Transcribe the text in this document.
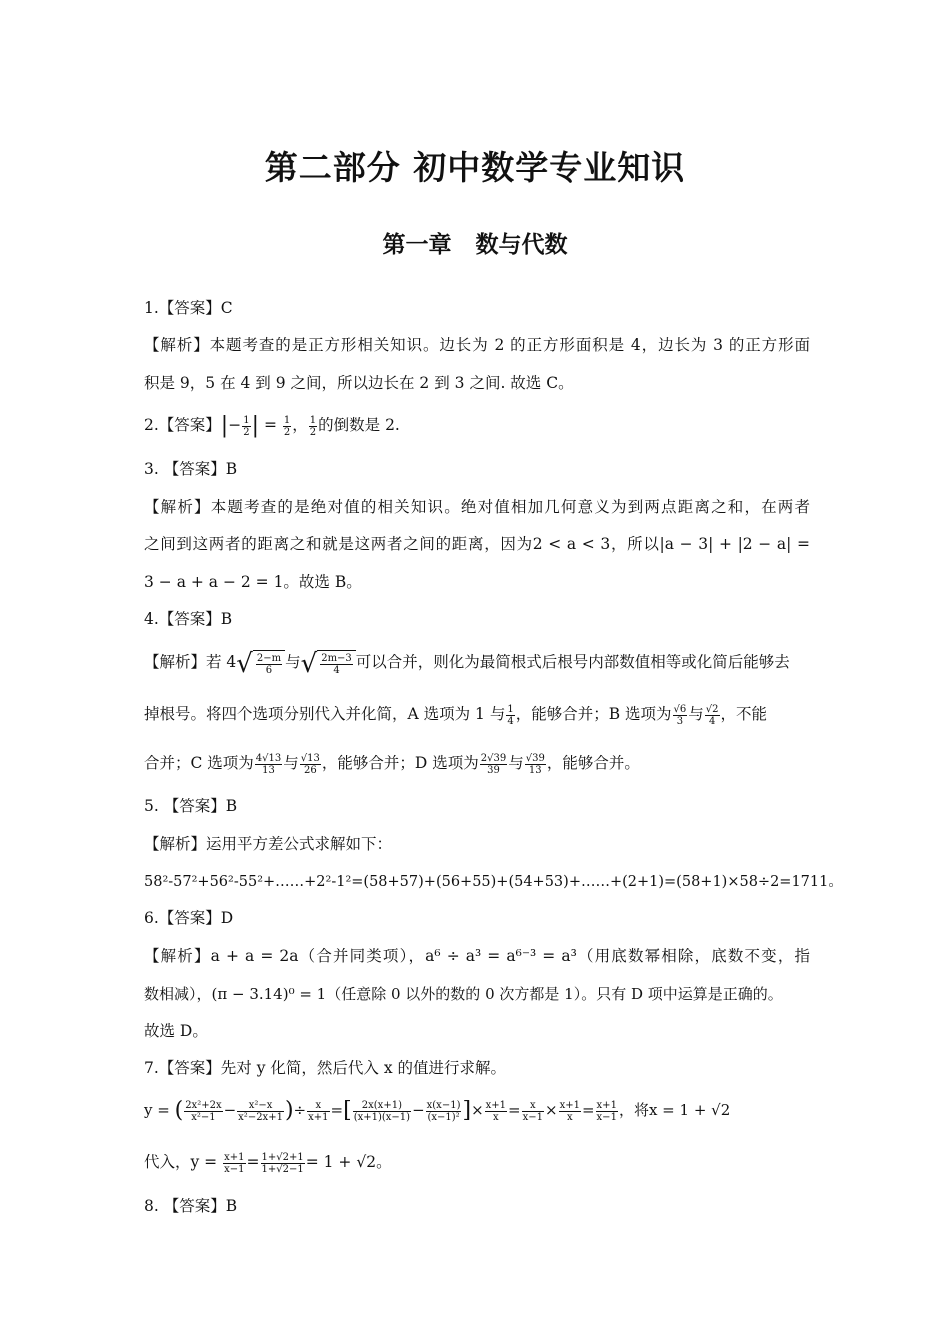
第二部分 初中数学专业知识
第一章 数与代数
1.【答案】C
【解析】本题考查的是正方形相关知识。边长为 2 的正方形面积是 4，边长为 3 的正方形面
积是 9，5 在 4 到 9 之间，所以边长在 2 到 3 之间. 故选 C。
2.【答案】|− $\frac{1}{2}$ | = $\frac{1}{2}$ ， $\frac{1}{2}$ 的倒数是 2.
3. 【答案】B
【解析】本题考查的是绝对值的相关知识。绝对值相加几何意义为到两点距离之和，在两者
之间到这两者的距离之和就是这两者之间的距离，因为2 < a < 3，所以|a − 3| + |2 − a| =
3 − a + a − 2 = 1。故选 B。
4.【答案】B
【解析】若 $4√ \frac{2-m}{6}$ 与√ $\frac{2m-3}{4}$ 可以合并，则化为最简根式后根号内部数值相等或化简后能够去
掉根号。将四个选项分别代入并化简，A 选项为 1 与 $\frac{1}{4}$ ，能够合并；B 选项为 $\frac{√6}{3}$ 与 $\frac{√2}{4}$ ，不能
合并；C 选项为 $\frac{4√13}{13}$ 与 $\frac{√13}{26}$ ，能够合并；D 选项为 $\frac{2√39}{39}$ 与 $\frac{√39}{13}$ ，能够合并。
5. 【答案】B
【解析】运用平方差公式求解如下：
58²-57²+56²-55²+……+2²-1²=(58+57)+(56+55)+(54+53)+……+(2+1)=(58+1)×58÷2=1711。
6.【答案】D
【解析】a + a = 2a（合并同类项），a⁶ ÷ a³ = a⁶⁻³ = a³（用底数幂相除，底数不变，指
数相减），(π − 3.14)⁰ = 1（任意除 0 以外的数的 0 次方都是 1）。只有 D 项中运算是正确的。
故选 D。
7.【答案】先对 y 化简，然后代入 x 的值进行求解。
y = ( $\frac{\text{2x²+2x}}{\text{x²−1}} - \frac{\text{x²−x}}{\text{x²−2x+1}}$ )÷ $\frac{x}{x+1}$ =[ $\frac{2x(x+1)}{(x+1)(x-1)} - \frac{x(x-1)}{\text{(x−1)²}}$ ]× $\frac{x+1}{x} = \frac{x}{x-1} \times \frac{x+1}{x} = \frac{x+1}{x-1}$ ，将x = 1 + √2
代入，$y = \frac{x+1}{x-1} = \frac{1+√2+1}{1+√2-1} = 1 + √2$。
8. 【答案】B
